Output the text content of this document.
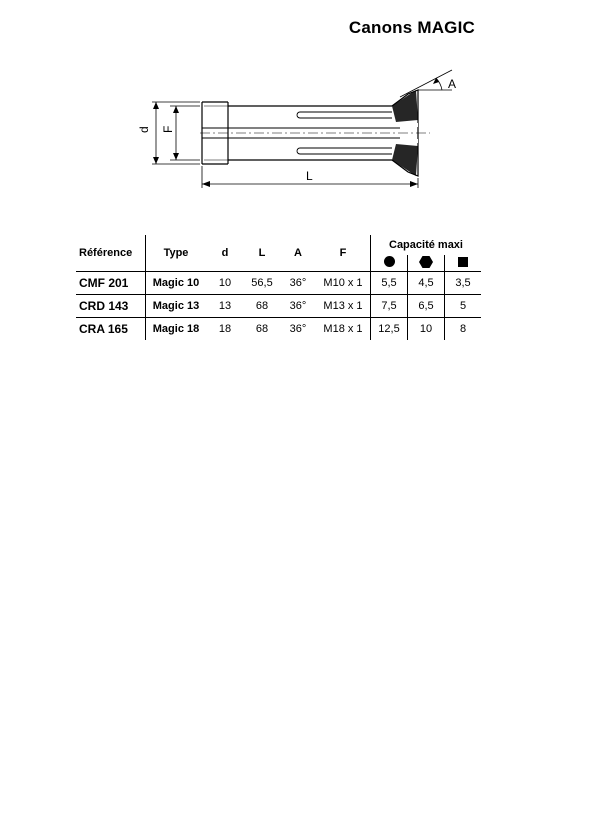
Canons MAGIC
d F
L
A
Référence	Type	d	L	A	F	Capacité maxi		

CMF 201	Magic 10	10	56,5	36°	M10 x 1	5,5	4,5	3,5
CRD 143	Magic 13	13	68	36°	M13 x 1	7,5	6,5	5
CRA 165	Magic 18	18	68	36°	M18 x 1	12,5	10	8
